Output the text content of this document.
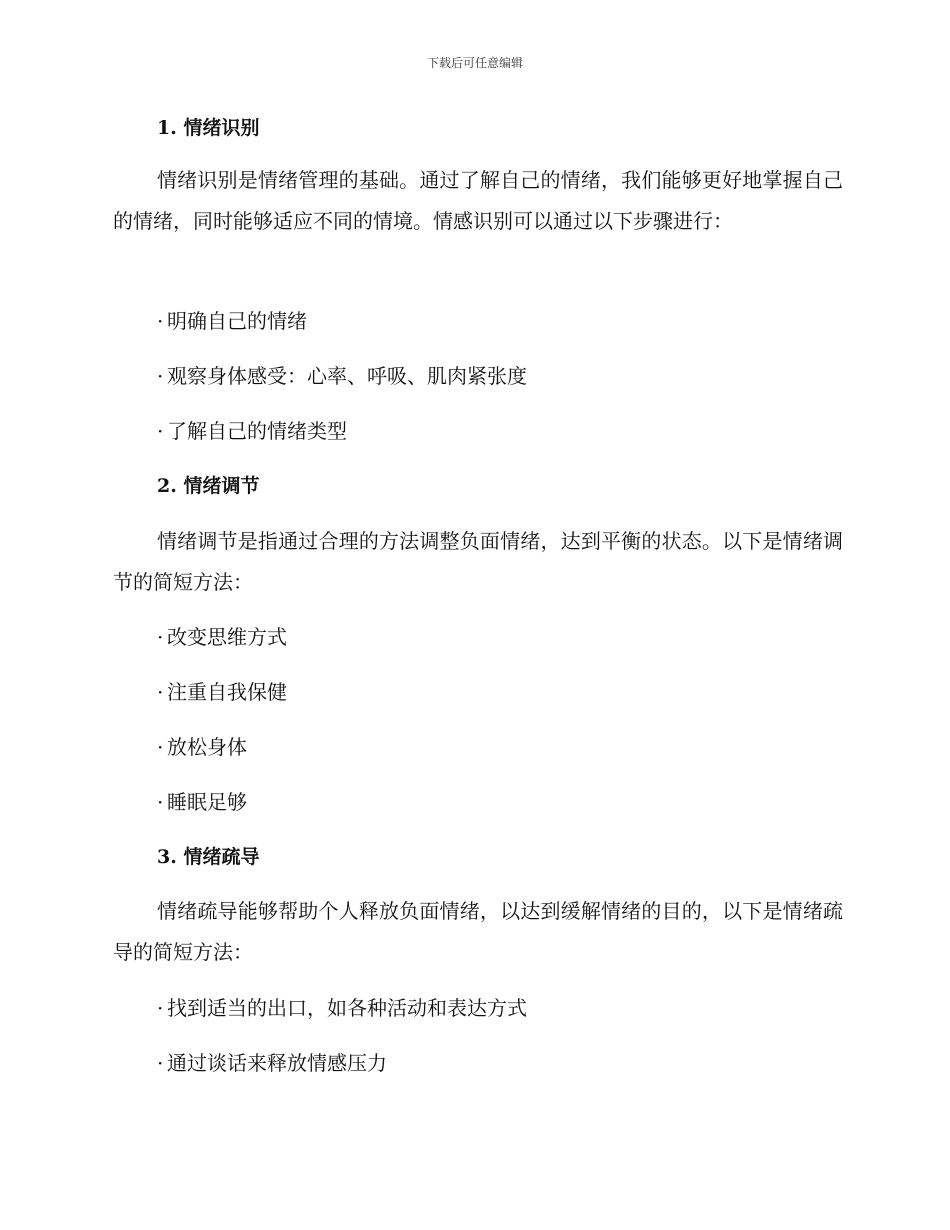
下载后可任意编辑
1. 情绪识别
情绪识别是情绪管理的基础。通过了解自己的情绪，我们能够更好地掌握自己的情绪，同时能够适应不同的情境。情感识别可以通过以下步骤进行：
· 明确自己的情绪
· 观察身体感受：心率、呼吸、肌肉紧张度
· 了解自己的情绪类型
2. 情绪调节
情绪调节是指通过合理的方法调整负面情绪，达到平衡的状态。以下是情绪调节的简短方法：
· 改变思维方式
· 注重自我保健
· 放松身体
· 睡眠足够
3. 情绪疏导
情绪疏导能够帮助个人释放负面情绪，以达到缓解情绪的目的，以下是情绪疏导的简短方法：
· 找到适当的出口，如各种活动和表达方式
· 通过谈话来释放情感压力
